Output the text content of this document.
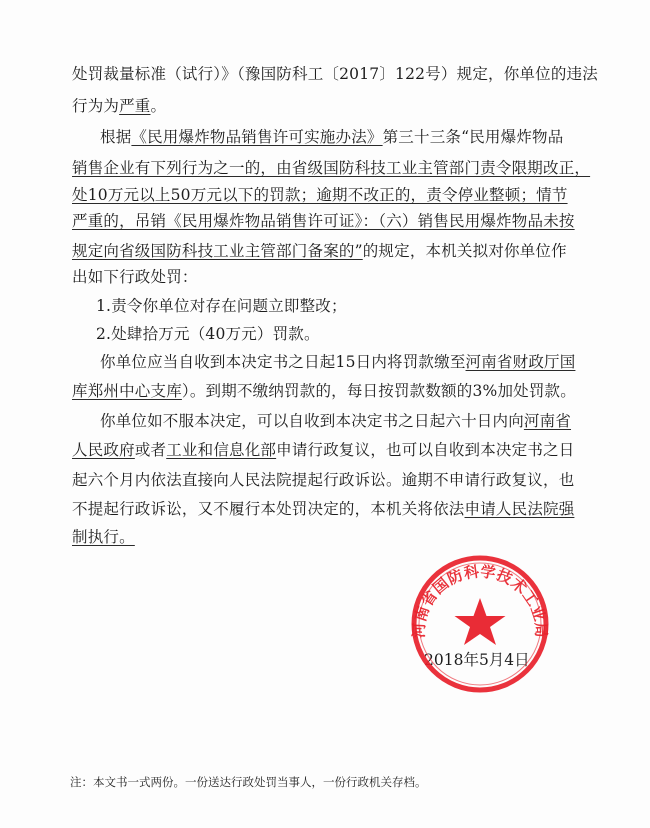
处罚裁量标准（试行）》（豫国防科工〔2017〕122号）规定，你单位的违法
行为为严重。
根据《民用爆炸物品销售许可实施办法》第三十三条“民用爆炸物品
销售企业有下列行为之一的，由省级国防科技工业主管部门责令限期改正，
处10万元以上50万元以下的罚款；逾期不改正的，责令停业整顿；情节
严重的，吊销《民用爆炸物品销售许可证》：（六）销售民用爆炸物品未按
规定向省级国防科技工业主管部门备案的”的规定，本机关拟对你单位作
出如下行政处罚：
1.责令你单位对存在问题立即整改；
2.处肆拾万元（40万元）罚款。
你单位应当自收到本决定书之日起15日内将罚款缴至河南省财政厅国
库郑州中心支库）。到期不缴纳罚款的，每日按罚款数额的3%加处罚款。
你单位如不服本决定，可以自收到本决定书之日起六十日内向河南省
人民政府或者工业和信息化部申请行政复议，也可以自收到本决定书之日
起六个月内依法直接向人民法院提起行政诉讼。逾期不申请行政复议，也
不提起行政诉讼，又不履行本处罚决定的，本机关将依法申请人民法院强
制执行。
2018年5月4日
河南省国防科学技术工业局
注：本文书一式两份。一份送达行政处罚当事人，一份行政机关存档。
